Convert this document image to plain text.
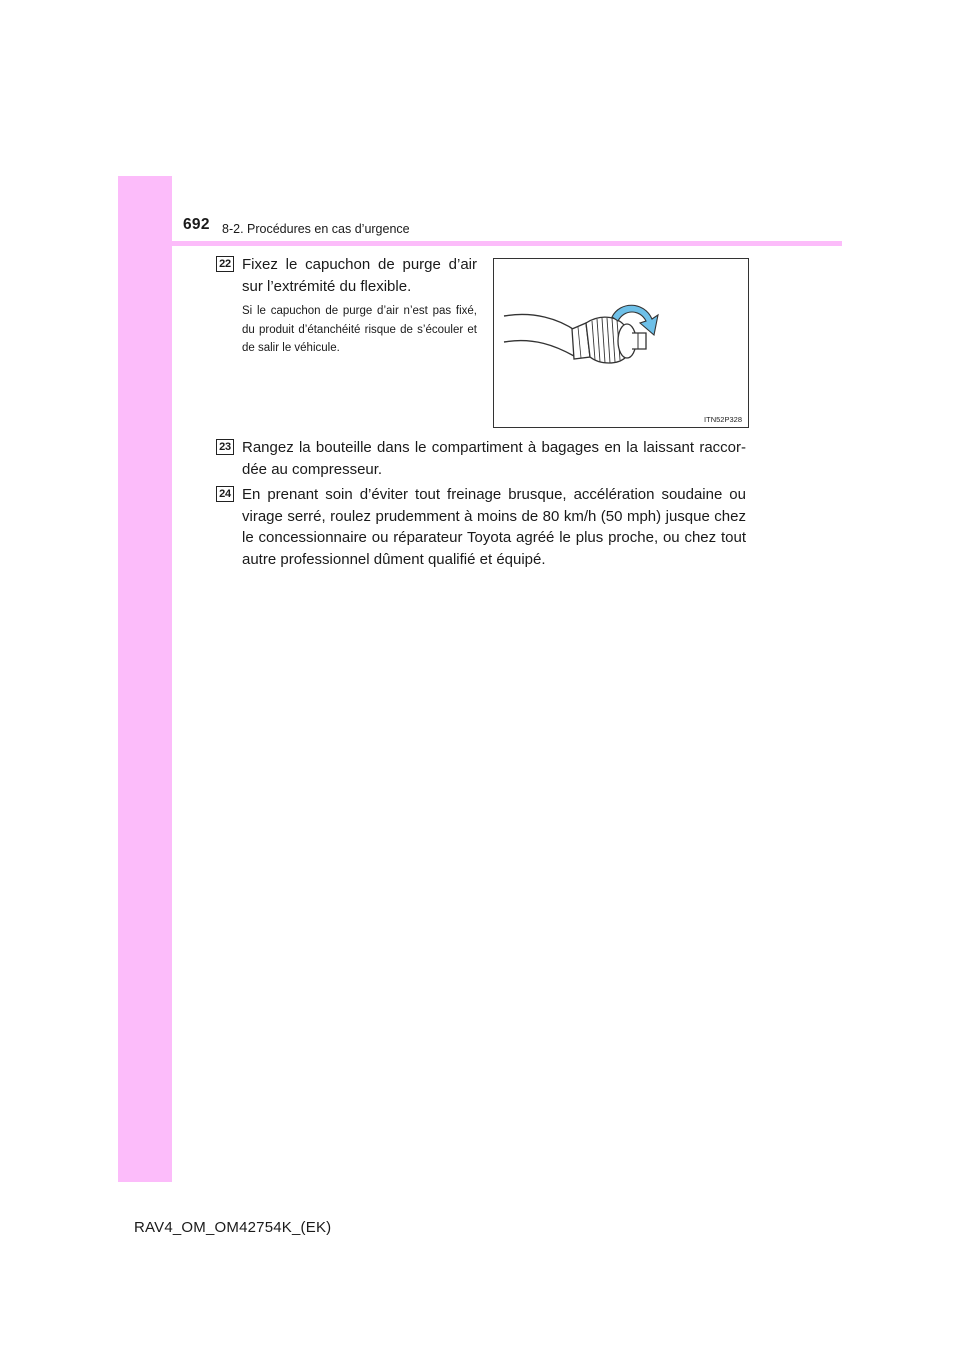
692 8-2. Procédures en cas d’urgence
22 Fixez le capuchon de purge d’air sur l’extrémité du flexible.
Si le capuchon de purge d’air n’est pas fixé, du produit d’étanchéité risque de s’écouler et de salir le véhicule.
ITN52P328
23 Rangez la bouteille dans le compartiment à bagages en la laissant raccor-dée au compresseur.
24 En prenant soin d’éviter tout freinage brusque, accélération soudaine ou virage serré, roulez prudemment à moins de 80 km/h (50 mph) jusque chez le concessionnaire ou réparateur Toyota agréé le plus proche, ou chez tout autre professionnel dûment qualifié et équipé.
RAV4_OM_OM42754K_(EK)
